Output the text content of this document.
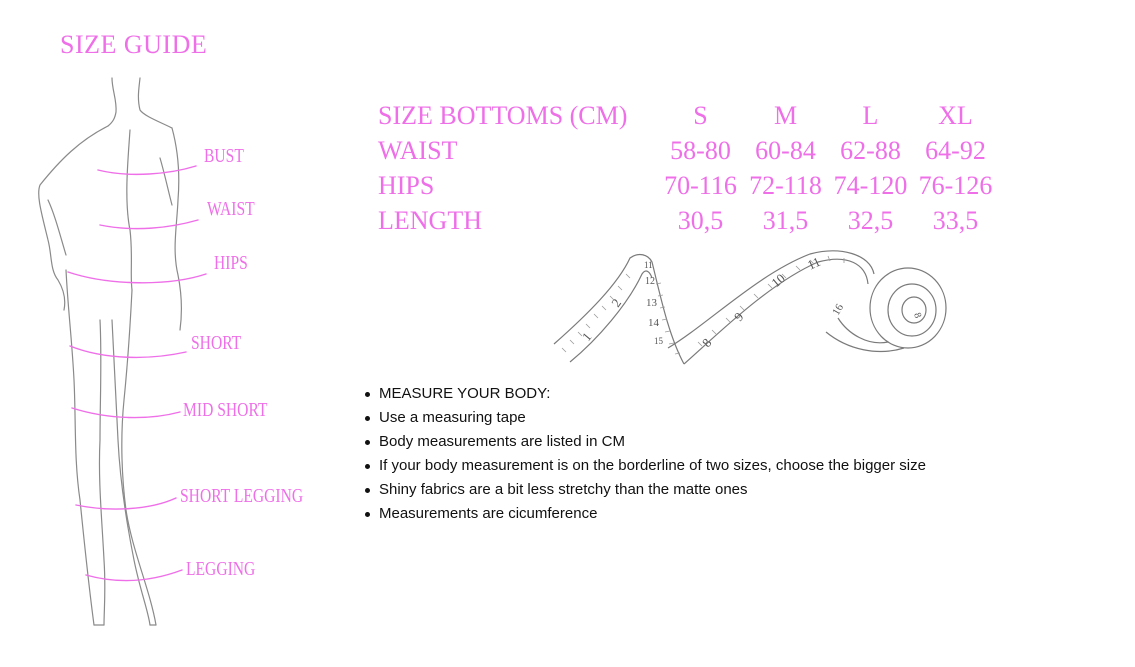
SIZE GUIDE
BUST
WAIST
HIPS
SHORT
MID SHORT
SHORT LEGGING
LEGGING
SIZE BOTTOMS (CM)	S	M	L	XL
WAIST	58-80	60-84	62-88	64-92
HIPS	70-116	72-118	74-120	76-126
LENGTH	30,5	31,5	32,5	33,5
1
2
11
12
13
14
15	8
9
10
11
16	8
MEASURE YOUR BODY:
Use a measuring tape
Body measurements are listed in CM
If your body measurement is on the borderline of two sizes, choose the bigger size
Shiny fabrics are a bit less stretchy than the matte ones
Measurements are cicumference
